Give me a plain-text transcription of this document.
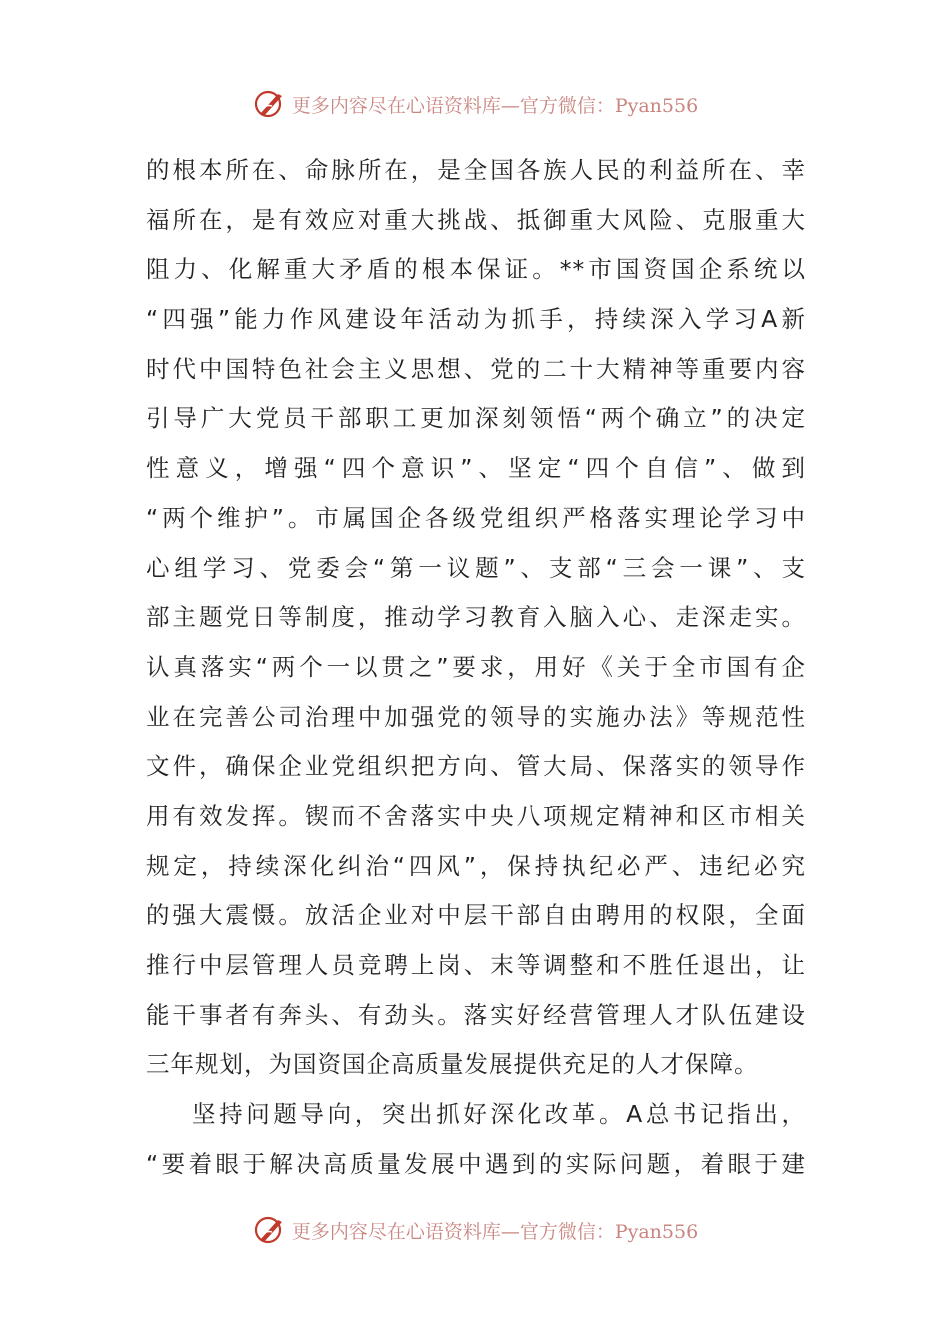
更多内容尽在心语资料库—官方微信：Pyan556
的根本所在、命脉所在，是全国各族人民的利益所在、幸
福所在，是有效应对重大挑战、抵御重大风险、克服重大
阻力、化解重大矛盾的根本保证。**市国资国企系统以
“四强”能力作风建设年活动为抓手，持续深入学习A新
时代中国特色社会主义思想、党的二十大精神等重要内容
引导广大党员干部职工更加深刻领悟“两个确立”的决定
性意义，增强“四个意识”、坚定“四个自信”、做到
“两个维护”。市属国企各级党组织严格落实理论学习中
心组学习、党委会“第一议题”、支部“三会一课”、支
部主题党日等制度，推动学习教育入脑入心、走深走实。
认真落实“两个一以贯之”要求，用好《关于全市国有企
业在完善公司治理中加强党的领导的实施办法》等规范性
文件，确保企业党组织把方向、管大局、保落实的领导作
用有效发挥。锲而不舍落实中央八项规定精神和区市相关
规定，持续深化纠治“四风”，保持执纪必严、违纪必究
的强大震慑。放活企业对中层干部自由聘用的权限，全面
推行中层管理人员竞聘上岗、末等调整和不胜任退出，让
能干事者有奔头、有劲头。落实好经营管理人才队伍建设
三年规划，为国资国企高质量发展提供充足的人才保障。
坚持问题导向，突出抓好深化改革。A总书记指出，
“要着眼于解决高质量发展中遇到的实际问题，着眼于建
更多内容尽在心语资料库—官方微信：Pyan556
